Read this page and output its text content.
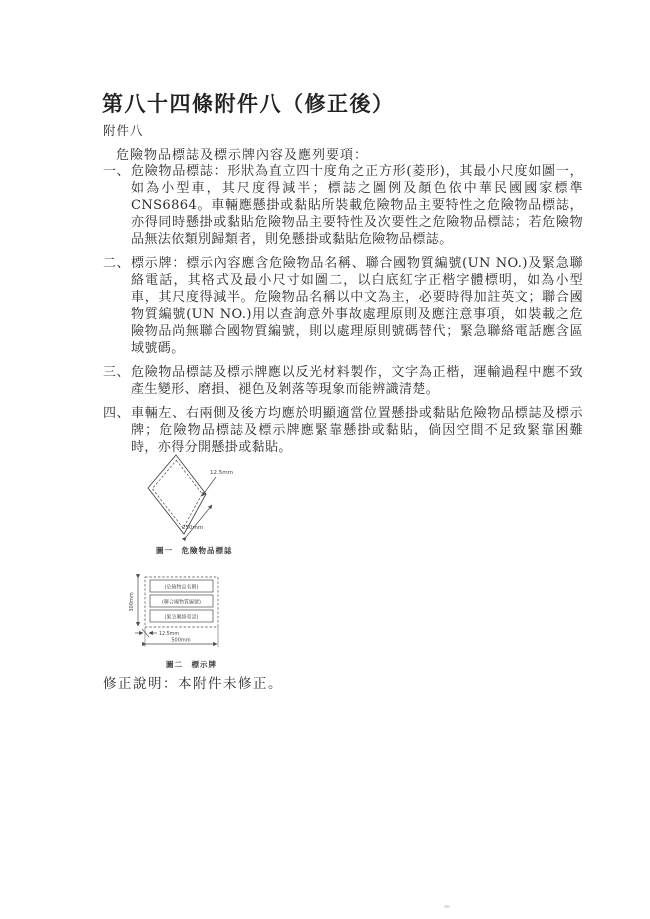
第八十四條附件八（修正後）
附件八
危險物品標誌及標示牌內容及應列要項：
一、 危險物品標誌：形狀為直立四十度角之正方形(菱形)，其最小尺度如圖一，如為小型車，其尺度得減半；標誌之圖例及顏色依中華民國國家標準CNS6864。車輛應懸掛或黏貼所裝載危險物品主要特性之危險物品標誌，亦得同時懸掛或黏貼危險物品主要特性及次要性之危險物品標誌；若危險物品無法依類別歸類者，則免懸掛或黏貼危險物品標誌。
二、 標示牌：標示內容應含危險物品名稱、聯合國物質編號(UN NO.)及緊急聯絡電話，其格式及最小尺寸如圖二，以白底紅字正楷字體標明，如為小型車，其尺度得減半。危險物品名稱以中文為主，必要時得加註英文；聯合國物質編號(UN NO.)用以查詢意外事故處理原則及應注意事項，如裝載之危險物品尚無聯合國物質編號，則以處理原則號碼替代；緊急聯絡電話應含區域號碼。
三、 危險物品標誌及標示牌應以反光材料製作，文字為正楷，運輸過程中應不致產生變形、磨損、褪色及剝落等現象而能辨識清楚。
四、 車輛左、右兩側及後方均應於明顯適當位置懸掛或黏貼危險物品標誌及標示牌；危險物品標誌及標示牌應緊靠懸掛或黏貼，倘因空間不足致緊靠困難時，亦得分開懸掛或黏貼。
12.5mm
250mm
圖一　危險物品標誌
(危險物品名稱)
(聯合國物質編號)
(緊急聯絡電話)
300mm
12.5mm
500mm
圖二　標示牌
修正說明：本附件未修正。
